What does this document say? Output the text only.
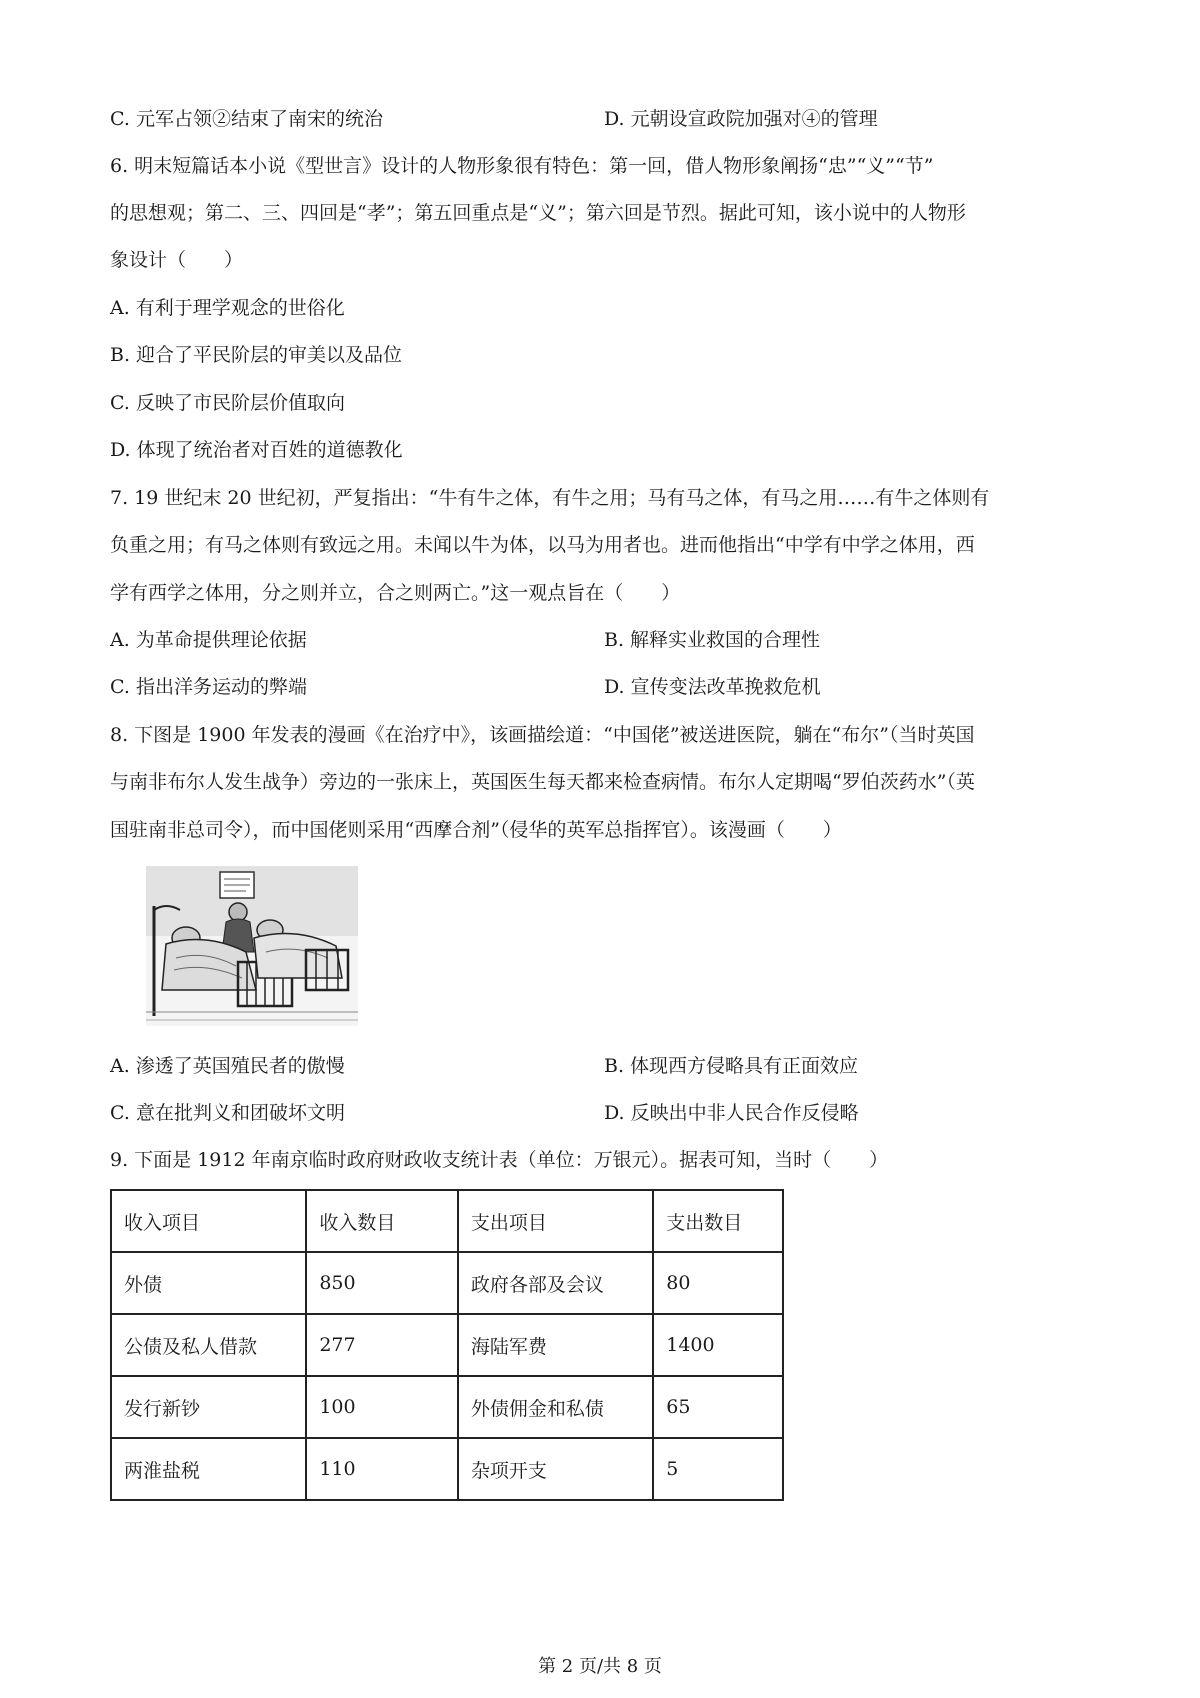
C. 元军占领②结束了南宋的统治	D. 元朝设宣政院加强对④的管理
6. 明末短篇话本小说《型世言》设计的人物形象很有特色：第一回，借人物形象阐扬“忠”“义”“节”
的思想观；第二、三、四回是“孝”；第五回重点是“义”；第六回是节烈。据此可知，该小说中的人物形
象设计（　　）
A. 有利于理学观念的世俗化
B. 迎合了平民阶层的审美以及品位
C. 反映了市民阶层价值取向
D. 体现了统治者对百姓的道德教化
7. 19 世纪末 20 世纪初，严复指出：“牛有牛之体，有牛之用；马有马之体，有马之用……有牛之体则有
负重之用；有马之体则有致远之用。未闻以牛为体，以马为用者也。进而他指出“中学有中学之体用，西
学有西学之体用，分之则并立，合之则两亡。”这一观点旨在（　　）
A. 为革命提供理论依据	B. 解释实业救国的合理性
C. 指出洋务运动的弊端	D. 宣传变法改革挽救危机
8. 下图是 1900 年发表的漫画《在治疗中》，该画描绘道：“中国佬”被送进医院，躺在“布尔”（当时英国
与南非布尔人发生战争）旁边的一张床上，英国医生每天都来检查病情。布尔人定期喝“罗伯茨药水”（英
国驻南非总司令），而中国佬则采用“西摩合剂”（侵华的英军总指挥官）。该漫画（　　）
A. 渗透了英国殖民者的傲慢	B. 体现西方侵略具有正面效应
C. 意在批判义和团破坏文明	D. 反映出中非人民合作反侵略
9. 下面是 1912 年南京临时政府财政收支统计表（单位：万银元）。据表可知，当时（　　）
收入项目	收入数目	支出项目	支出数目
外债	850	政府各部及会议	80
公债及私人借款	277	海陆军费	1400
发行新钞	100	外债佣金和私债	65
两淮盐税	110	杂项开支	5
第 2 页/共 8 页
